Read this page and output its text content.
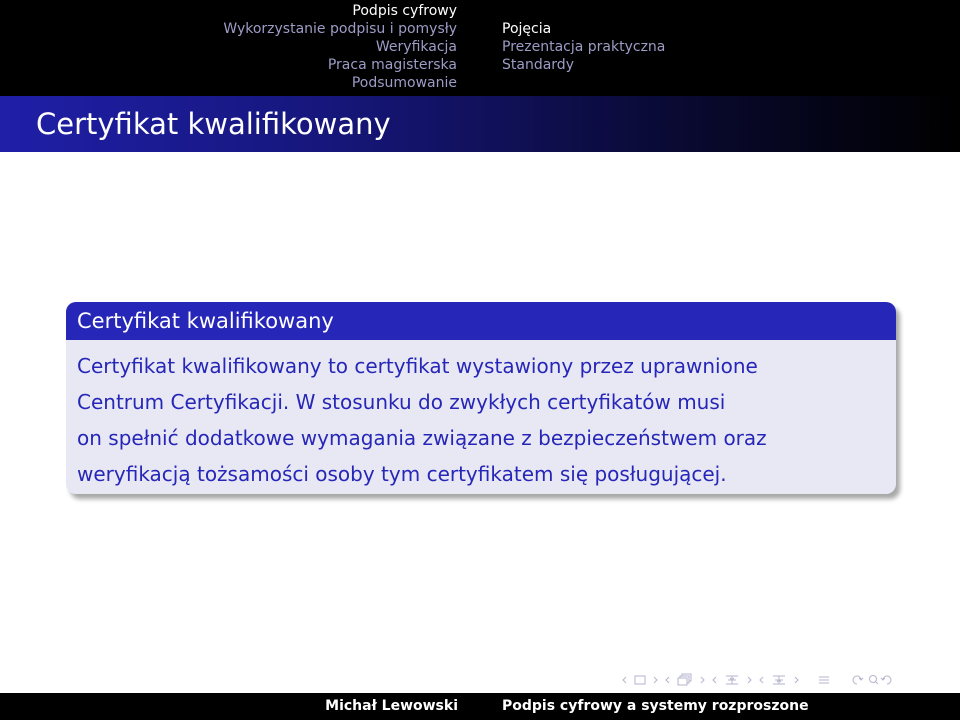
Podpis cyfrowy
Wykorzystanie podpisu i pomysły
Weryfikacja
Praca magisterska
Podsumowanie
Pojęcia
Prezentacja praktyczna
Standardy
Certyfikat kwalifikowany
Certyfikat kwalifikowany
Certyfikat kwalifikowany to certyfikat wystawiony przez uprawnione
Centrum Certyfikacji. W stosunku do zwykłych certyfikatów musi
on spełnić dodatkowe wymagania związane z bezpieczeństwem oraz
weryfikacją tożsamości osoby tym certyfikatem się posługującej.
Michał Lewowski	Podpis cyfrowy a systemy rozproszone
